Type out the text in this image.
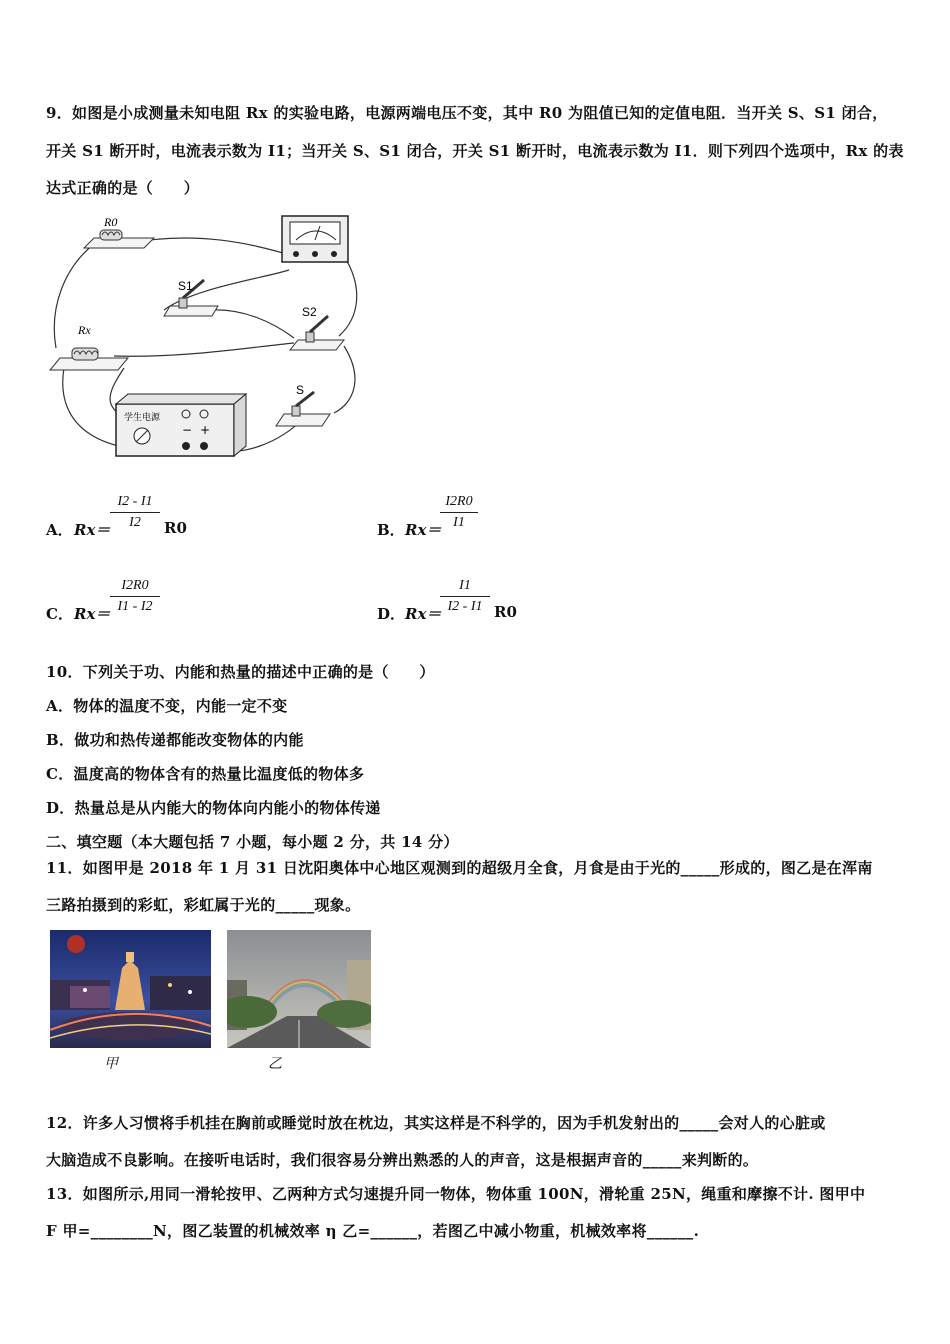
9．如图是小成测量未知电阻 Rx 的实验电路，电源两端电压不变，其中 R0 为阻值已知的定值电阻．当开关 S、S1 闭合，
开关 S1 断开时，电流表示数为 I1；当开关 S、S1 闭合，开关 S1 断开时，电流表示数为 I1．则下列四个选项中，Rx 的表
达式正确的是（　　）
R0
S1
S2
Rx
S
学生电源
− +
A． Rx＝
I2 - I1
I2	R0	B． Rx＝
I2R0
I1
C． Rx＝
I2R0
I1 - I2	D． Rx＝
I1
I2 - I1 R0
10．下列关于功、内能和热量的描述中正确的是（　　）
A．物体的温度不变，内能一定不变
B．做功和热传递都能改变物体的内能
C．温度高的物体含有的热量比温度低的物体多
D．热量总是从内能大的物体向内能小的物体传递
二、填空题（本大题包括 7 小题，每小题 2 分，共 14 分）
11．如图甲是 2018 年 1 月 31 日沈阳奥体中心地区观测到的超级月全食，月食是由于光的_____形成的，图乙是在浑南
三路拍摄到的彩虹，彩虹属于光的_____现象。
甲	乙
12．许多人习惯将手机挂在胸前或睡觉时放在枕边，其实这样是不科学的，因为手机发射出的_____会对人的心脏或
大脑造成不良影响。在接听电话时，我们很容易分辨出熟悉的人的声音，这是根据声音的_____来判断的。
13．如图所示,用同一滑轮按甲、乙两种方式匀速提升同一物体，物体重 100N，滑轮重 25N，绳重和摩擦不计. 图甲中
F 甲=________N，图乙装置的机械效率 η 乙=______，若图乙中减小物重，机械效率将______.
